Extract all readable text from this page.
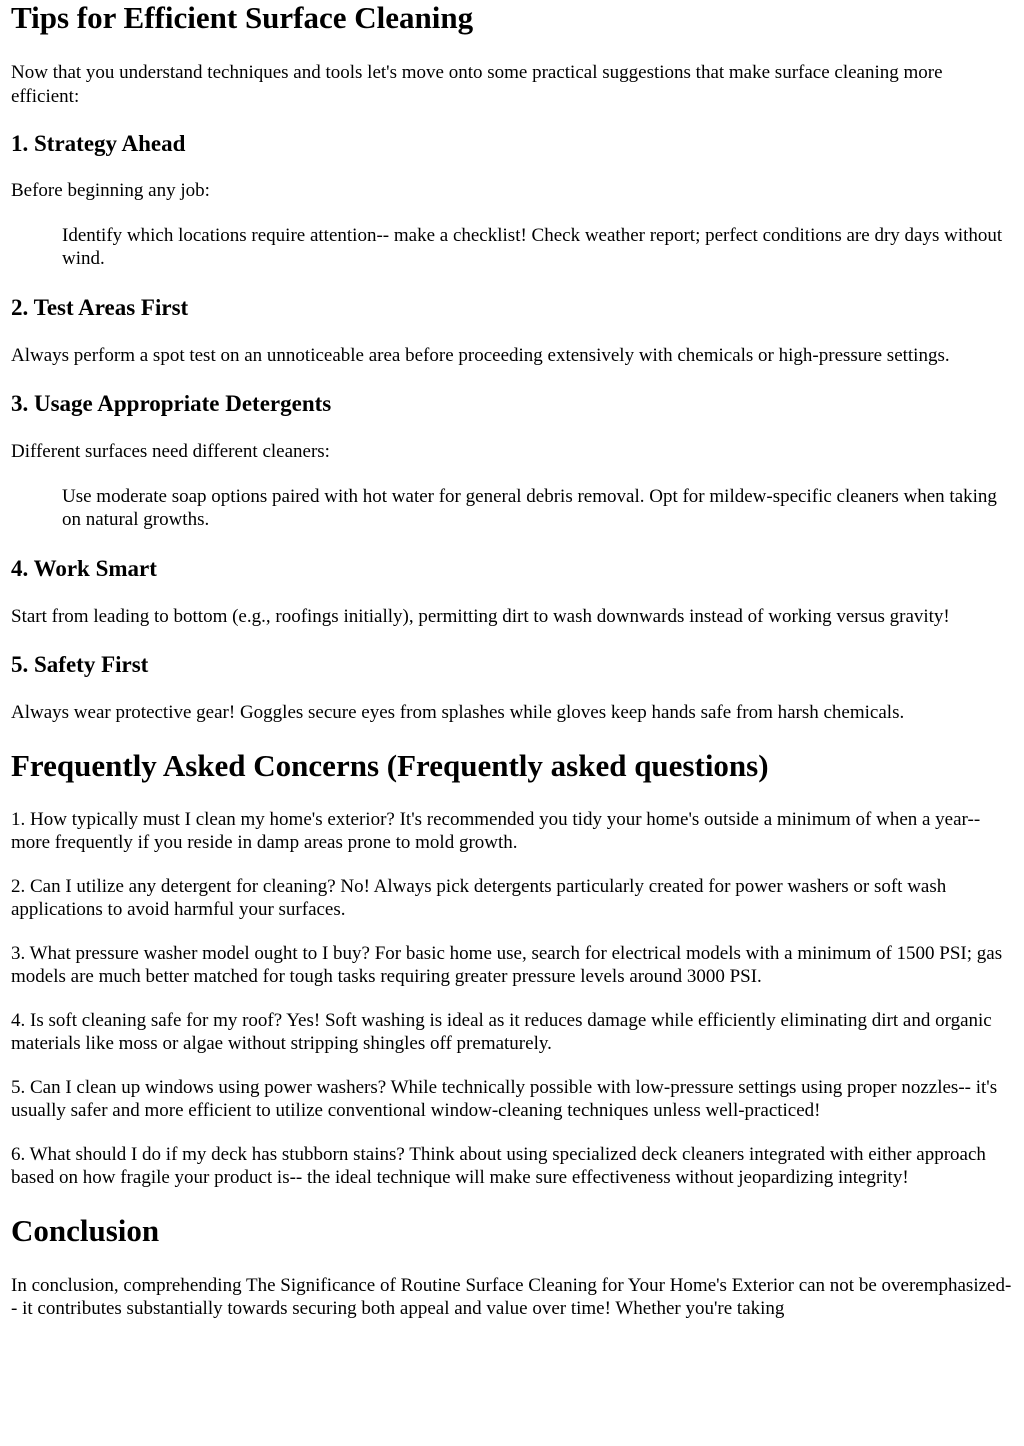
Tips for Efficient Surface Cleaning

Now that you understand techniques and tools let's move onto some practical suggestions that make surface cleaning more efficient:

1. Strategy Ahead

Before beginning any job:

Identify which locations require attention-- make a checklist! Check weather report; perfect conditions are dry days without wind.
2. Test Areas First

Always perform a spot test on an unnoticeable area before proceeding extensively with chemicals or high-pressure settings.

3. Usage Appropriate Detergents

Different surfaces need different cleaners:

Use moderate soap options paired with hot water for general debris removal. Opt for mildew-specific cleaners when taking on natural growths.
4. Work Smart

Start from leading to bottom (e.g., roofings initially), permitting dirt to wash downwards instead of working versus gravity!

5. Safety First

Always wear protective gear! Goggles secure eyes from splashes while gloves keep hands safe from harsh chemicals.

Frequently Asked Concerns (Frequently asked questions)

1. How typically must I clean my home's exterior? It's recommended you tidy your home's outside a minimum of when a year-- more frequently if you reside in damp areas prone to mold growth.

2. Can I utilize any detergent for cleaning? No! Always pick detergents particularly created for power washers or soft wash applications to avoid harmful your surfaces.

3. What pressure washer model ought to I buy? For basic home use, search for electrical models with a minimum of 1500 PSI; gas models are much better matched for tough tasks requiring greater pressure levels around 3000 PSI.

4. Is soft cleaning safe for my roof? Yes! Soft washing is ideal as it reduces damage while efficiently eliminating dirt and organic materials like moss or algae without stripping shingles off prematurely.

5. Can I clean up windows using power washers? While technically possible with low-pressure settings using proper nozzles-- it's usually safer and more efficient to utilize conventional window-cleaning techniques unless well-practiced!

6. What should I do if my deck has stubborn stains? Think about using specialized deck cleaners integrated with either approach based on how fragile your product is-- the ideal technique will make sure effectiveness without jeopardizing integrity!

Conclusion

In conclusion, comprehending The Significance of Routine Surface Cleaning for Your Home's Exterior can not be overemphasized-- it contributes substantially towards securing both appeal and value over time! Whether you're taking
